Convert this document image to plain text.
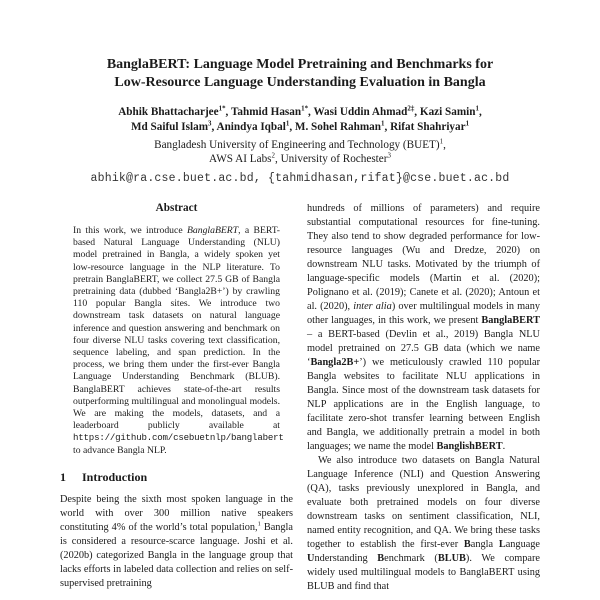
BanglaBERT: Language Model Pretraining and Benchmarks for
Low-Resource Language Understanding Evaluation in Bangla
Abhik Bhattacharjee$^{1*}$, Tahmid Hasan$^{1*}$, Wasi Uddin Ahmad$^{2\ddagger}$, Kazi Samin$^1$,
Md Saiful Islam$^3$, Anindya Iqbal$^1$, M. Sohel Rahman$^1$, Rifat Shahriyar$^1$
Bangladesh University of Engineering and Technology (BUET)$^1$,
AWS AI Labs$^2$, University of Rochester$^3$
abhik@ra.cse.buet.ac.bd, {tahmidhasan,rifat}@cse.buet.ac.bd
Abstract

In this work, we introduce BanglaBERT, a BERT-based Natural Language Understanding (NLU) model pretrained in Bangla, a widely spoken yet low-resource language in the NLP literature. To pretrain BanglaBERT, we collect 27.5 GB of Bangla pretraining data (dubbed ‘Bangla2B+’) by crawling 110 popular Bangla sites. We introduce two downstream task datasets on natural language inference and question answering and benchmark on four diverse NLU tasks covering text classification, sequence labeling, and span prediction. In the process, we bring them under the first-ever Bangla Language Understanding Benchmark (BLUB). BanglaBERT achieves state-of-the-art results outperforming multilingual and monolingual models. We are making the models, datasets, and a leaderboard publicly available at https://github.com/csebuetnlp/banglabert to advance Bangla NLP.

1 Introduction

Despite being the sixth most spoken language in the world with over 300 million native speakers constituting 4% of the world’s total population,$^1$ Bangla is considered a resource-scarce language. Joshi et al. (2020b) categorized Bangla in the language group that lacks efforts in labeled data collection and relies on self-supervised pretraining

hundreds of millions of parameters) and require substantial computational resources for fine-tuning. They also tend to show degraded performance for low-resource languages (Wu and Dredze, 2020) on downstream NLU tasks. Motivated by the triumph of language-specific models (Martin et al. (2020); Polignano et al. (2019); Canete et al. (2020); Antoun et al. (2020), inter alia) over multilingual models in many other languages, in this work, we present BanglaBERT – a BERT-based (Devlin et al., 2019) Bangla NLU model pretrained on 27.5 GB data (which we name ‘Bangla2B+’) we meticulously crawled 110 popular Bangla websites to facilitate NLU applications in Bangla. Since most of the downstream task datasets for NLP applications are in the English language, to facilitate zero-shot transfer learning between English and Bangla, we additionally pretrain a model in both languages; we name the model BanglishBERT.

We also introduce two datasets on Bangla Natural Language Inference (NLI) and Question Answering (QA), tasks previously unexplored in Bangla, and evaluate both pretrained models on four diverse downstream tasks on sentiment classification, NLI, named entity recognition, and QA. We bring these tasks together to establish the first-ever Bangla Language Understanding Benchmark (BLUB). We compare widely used multilingual models to BanglaBERT using BLUB and find that
